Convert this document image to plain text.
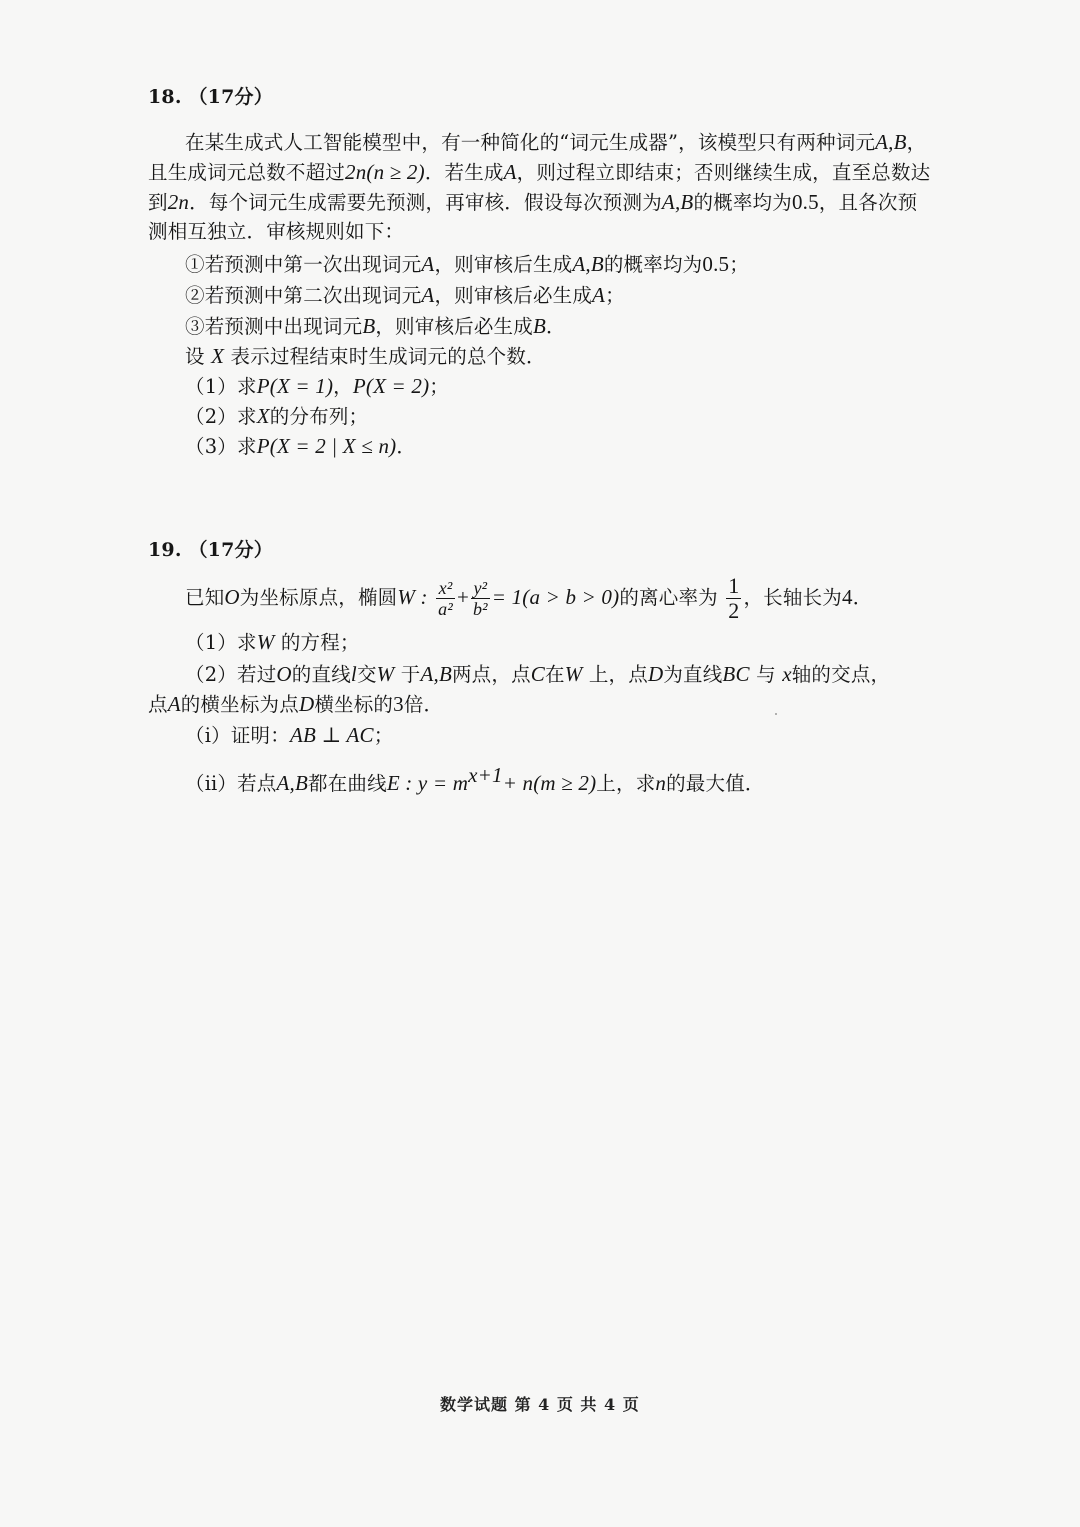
18. （17分）
在某生成式人工智能模型中，有一种简化的“词元生成器”，该模型只有两种词元A,B，
且生成词元总数不超过2n(n ≥ 2)．若生成A，则过程立即结束；否则继续生成，直至总数达
到2n．每个词元生成需要先预测，再审核．假设每次预测为A,B的概率均为0.5，且各次预
测相互独立．审核规则如下：
①若预测中第一次出现词元A，则审核后生成A,B的概率均为0.5；
②若预测中第二次出现词元A，则审核后必生成A；
③若预测中出现词元B，则审核后必生成B．
设 X 表示过程结束时生成词元的总个数．
（1）求P(X = 1)，P(X = 2)；
（2）求X的分布列；
（3）求P(X = 2 | X ≤ n)．
19. （17分）
已知O为坐标原点，椭圆W : $\frac{\text{x²}}{\text{a²}} + \frac{\text{y²}}{\text{b²}} = 1(a > b > 0)$的离心率为 $\frac{1}{2}$ ，长轴长为4．
（1）求W 的方程；
（2）若过O的直线l交W 于A,B两点，点C在W 上，点D为直线BC 与 x轴的交点，
点A的横坐标为点D横坐标的3倍．
（ⅰ）证明：AB ⊥ AC；
（ⅱ）若点A,B都在曲线E : $y = m^{x+1}+ n(m \ge 2)$上，求n的最大值．
数学试题 第 4 页 共 4 页
